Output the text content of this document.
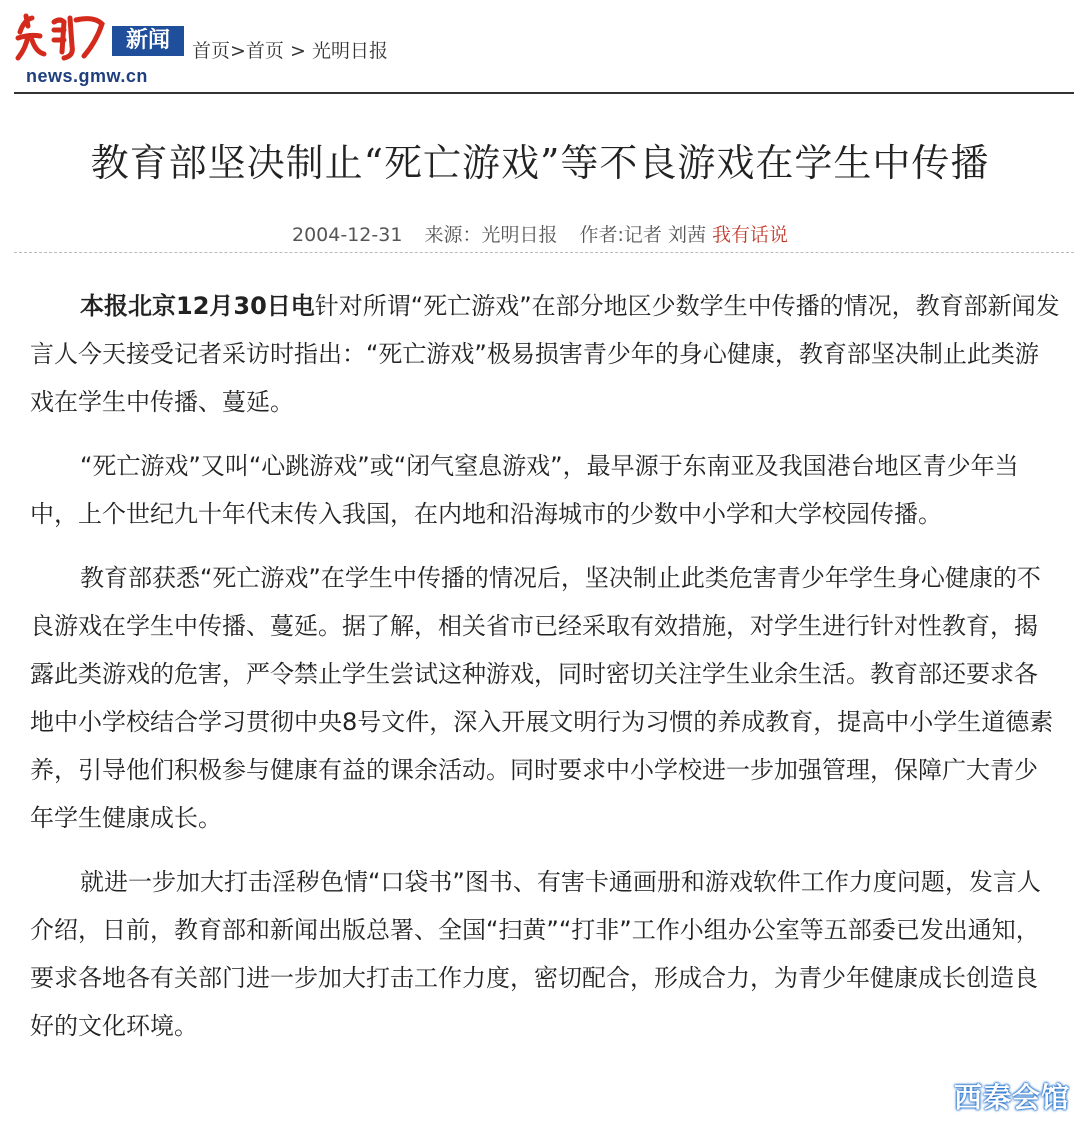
新闻
news.gmw.cn
首页>首页 > 光明日报
教育部坚决制止“死亡游戏”等不良游戏在学生中传播
2004-12-31 来源：光明日报 作者:记者 刘茜 我有话说

本报北京12月30日电针对所谓“死亡游戏”在部分地区少数学生中传播的情况，教育部新闻发言人今天接受记者采访时指出：“死亡游戏”极易损害青少年的身心健康，教育部坚决制止此类游戏在学生中传播、蔓延。

“死亡游戏”又叫“心跳游戏”或“闭气窒息游戏”，最早源于东南亚及我国港台地区青少年当中，上个世纪九十年代末传入我国，在内地和沿海城市的少数中小学和大学校园传播。

教育部获悉“死亡游戏”在学生中传播的情况后，坚决制止此类危害青少年学生身心健康的不良游戏在学生中传播、蔓延。据了解，相关省市已经采取有效措施，对学生进行针对性教育，揭露此类游戏的危害，严令禁止学生尝试这种游戏，同时密切关注学生业余生活。教育部还要求各地中小学校结合学习贯彻中央8号文件，深入开展文明行为习惯的养成教育，提高中小学生道德素养，引导他们积极参与健康有益的课余活动。同时要求中小学校进一步加强管理，保障广大青少年学生健康成长。

就进一步加大打击淫秽色情“口袋书”图书、有害卡通画册和游戏软件工作力度问题，发言人介绍，日前，教育部和新闻出版总署、全国“扫黄”“打非”工作小组办公室等五部委已发出通知，要求各地各有关部门进一步加大打击工作力度，密切配合，形成合力，为青少年健康成长创造良好的文化环境。

西秦会馆
